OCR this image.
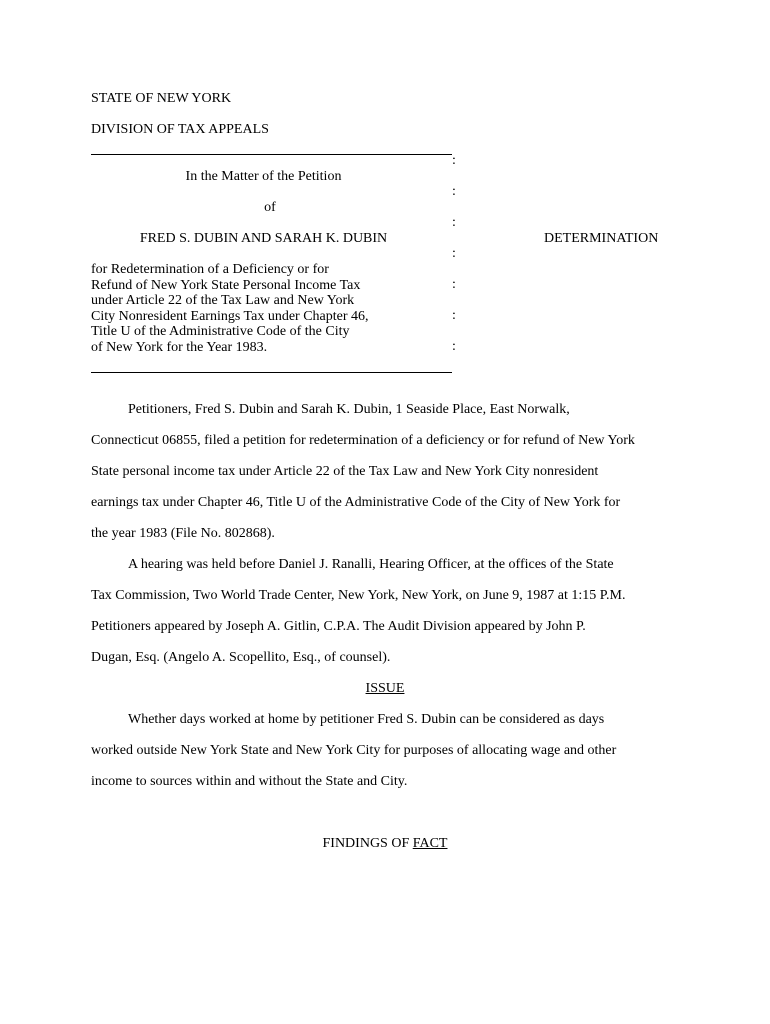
STATE OF NEW YORK
DIVISION OF TAX APPEALS
:
:
:
:
:
:
:
In the Matter of the Petition
of
FRED S. DUBIN AND SARAH K. DUBIN	DETERMINATION
for Redetermination of a Deficiency or for
Refund of New York State Personal Income Tax
under Article 22 of the Tax Law and New York
City Nonresident Earnings Tax under Chapter 46,
Title U of the Administrative Code of the City
of New York for the Year 1983.
Petitioners, Fred S. Dubin and Sarah K. Dubin, 1 Seaside Place, East Norwalk,
Connecticut 06855, filed a petition for redetermination of a deficiency or for refund of New York
State personal income tax under Article 22 of the Tax Law and New York City nonresident
earnings tax under Chapter 46, Title U of the Administrative Code of the City of New York for
the year 1983 (File No. 802868).
A hearing was held before Daniel J. Ranalli, Hearing Officer, at the offices of the State
Tax Commission, Two World Trade Center, New York, New York, on June 9, 1987 at 1:15 P.M.
Petitioners appeared by Joseph A. Gitlin, C.P.A. The Audit Division appeared by John P.
Dugan, Esq. (Angelo A. Scopellito, Esq., of counsel).
ISSUE
Whether days worked at home by petitioner Fred S. Dubin can be considered as days
worked outside New York State and New York City for purposes of allocating wage and other
income to sources within and without the State and City.
FINDINGS OF FACT
